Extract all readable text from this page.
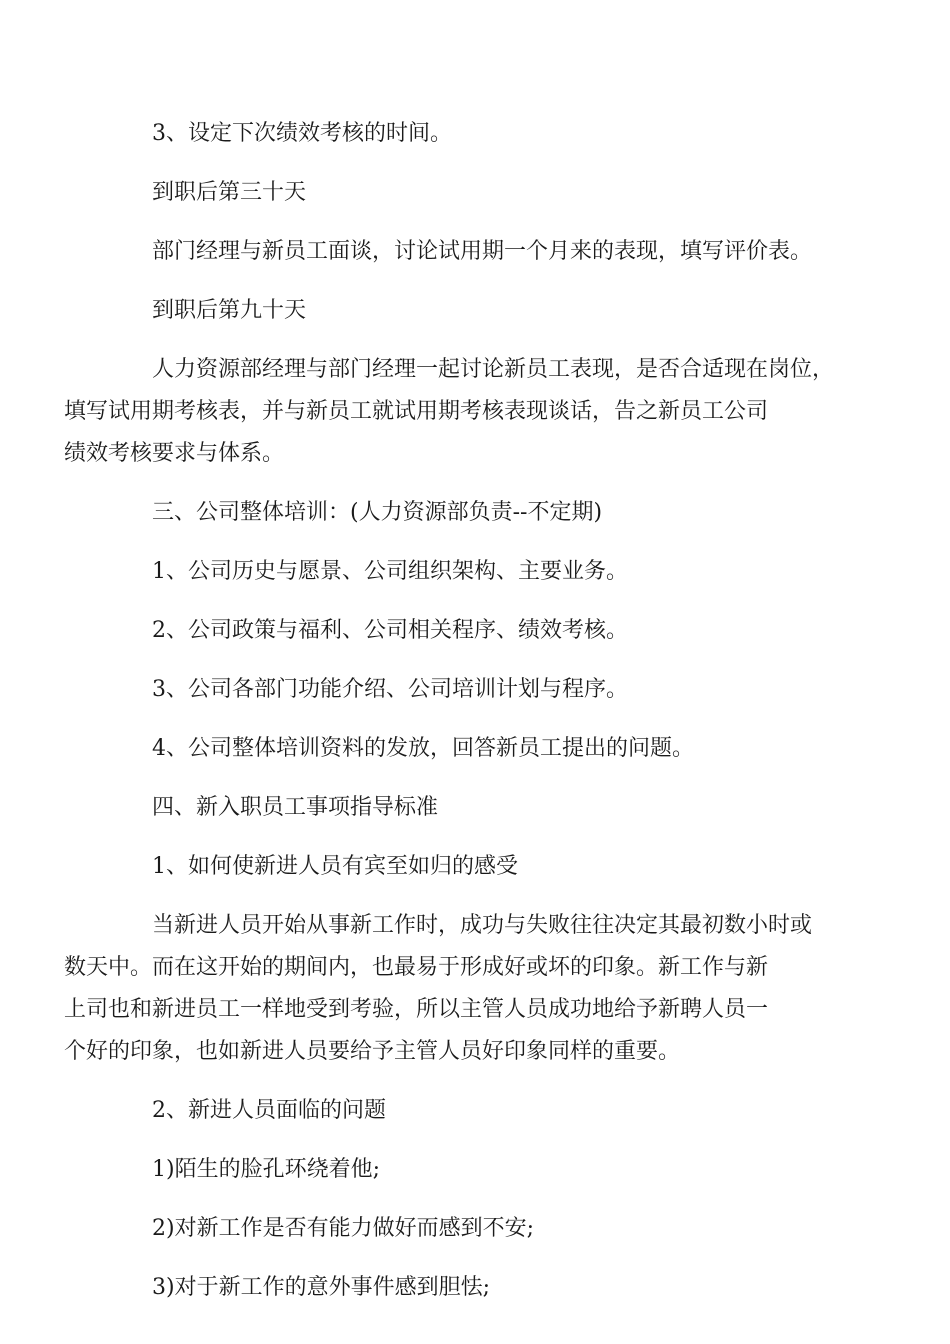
3、设定下次绩效考核的时间。

到职后第三十天

部门经理与新员工面谈，讨论试用期一个月来的表现，填写评价表。

到职后第九十天

人力资源部经理与部门经理一起讨论新员工表现，是否合适现在岗位，
填写试用期考核表，并与新员工就试用期考核表现谈话，告之新员工公司
绩效考核要求与体系。

三、公司整体培训：(人力资源部负责--不定期)

1、公司历史与愿景、公司组织架构、主要业务。

2、公司政策与福利、公司相关程序、绩效考核。

3、公司各部门功能介绍、公司培训计划与程序。

4、公司整体培训资料的发放，回答新员工提出的问题。

四、新入职员工事项指导标准

1、如何使新进人员有宾至如归的感受

当新进人员开始从事新工作时，成功与失败往往决定其最初数小时或
数天中。而在这开始的期间内，也最易于形成好或坏的印象。新工作与新
上司也和新进员工一样地受到考验，所以主管人员成功地给予新聘人员一
个好的印象，也如新进人员要给予主管人员好印象同样的重要。

2、新进人员面临的问题

1)陌生的脸孔环绕着他;

2)对新工作是否有能力做好而感到不安;

3)对于新工作的意外事件感到胆怯;
